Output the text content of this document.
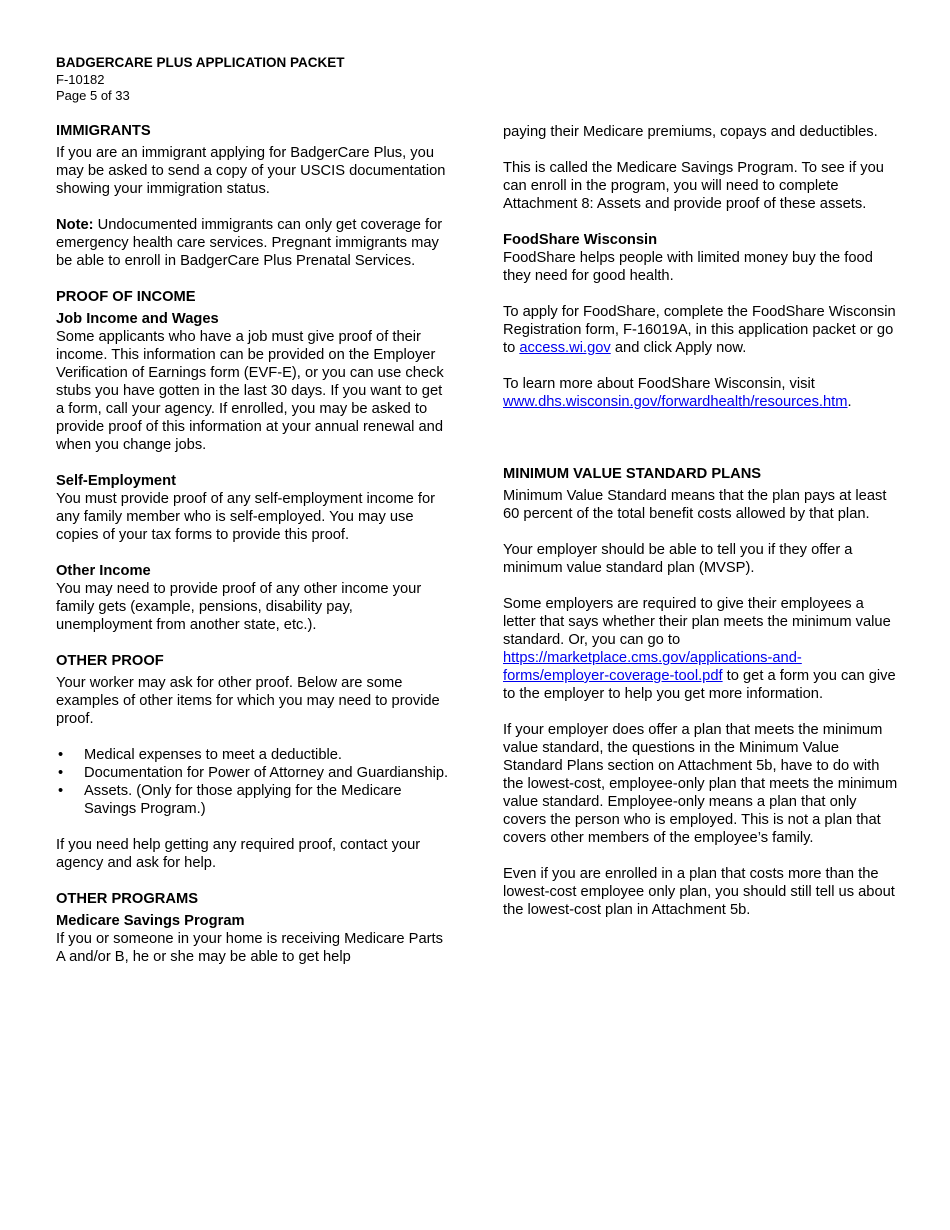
BADGERCARE PLUS APPLICATION PACKET
F-10182
Page 5 of 33
IMMIGRANTS

If you are an immigrant applying for BadgerCare Plus, you may be asked to send a copy of your USCIS documentation showing your immigration status.

Note: Undocumented immigrants can only get coverage for emergency health care services. Pregnant immigrants may be able to enroll in BadgerCare Plus Prenatal Services.

PROOF OF INCOME
Job Income and Wages

Some applicants who have a job must give proof of their income. This information can be provided on the Employer Verification of Earnings form (EVF-E), or you can use check stubs you have gotten in the last 30 days. If you want to get a form, call your agency. If enrolled, you may be asked to provide proof of this information at your annual renewal and when you change jobs.

Self-Employment

You must provide proof of any self-employment income for any family member who is self-employed. You may use copies of your tax forms to provide this proof.

Other Income

You may need to provide proof of any other income your family gets (example, pensions, disability pay, unemployment from another state, etc.).

OTHER PROOF

Your worker may ask for other proof. Below are some examples of other items for which you may need to provide proof.

• Medical expenses to meet a deductible.
• Documentation for Power of Attorney and Guardianship.
• Assets. (Only for those applying for the Medicare Savings Program.)

If you need help getting any required proof, contact your agency and ask for help.

OTHER PROGRAMS
Medicare Savings Program

If you or someone in your home is receiving Medicare Parts A and/or B, he or she may be able to get help

paying their Medicare premiums, copays and deductibles.

This is called the Medicare Savings Program. To see if you can enroll in the program, you will need to complete Attachment 8: Assets and provide proof of these assets.

FoodShare Wisconsin

FoodShare helps people with limited money buy the food they need for good health.

To apply for FoodShare, complete the FoodShare Wisconsin Registration form, F-16019A, in this application packet or go to access.wi.gov and click Apply now.

To learn more about FoodShare Wisconsin, visit www.dhs.wisconsin.gov/forwardhealth/resources.htm.

MINIMUM VALUE STANDARD PLANS

Minimum Value Standard means that the plan pays at least 60 percent of the total benefit costs allowed by that plan.

Your employer should be able to tell you if they offer a minimum value standard plan (MVSP).

Some employers are required to give their employees a letter that says whether their plan meets the minimum value standard. Or, you can go to https://marketplace.cms.gov/applications-and-forms/employer-coverage-tool.pdf to get a form you can give to the employer to help you get more information.

If your employer does offer a plan that meets the minimum value standard, the questions in the Minimum Value Standard Plans section on Attachment 5b, have to do with the lowest-cost, employee-only plan that meets the minimum value standard. Employee-only means a plan that only covers the person who is employed. This is not a plan that covers other members of the employee’s family.

Even if you are enrolled in a plan that costs more than the lowest-cost employee only plan, you should still tell us about the lowest-cost plan in Attachment 5b.
